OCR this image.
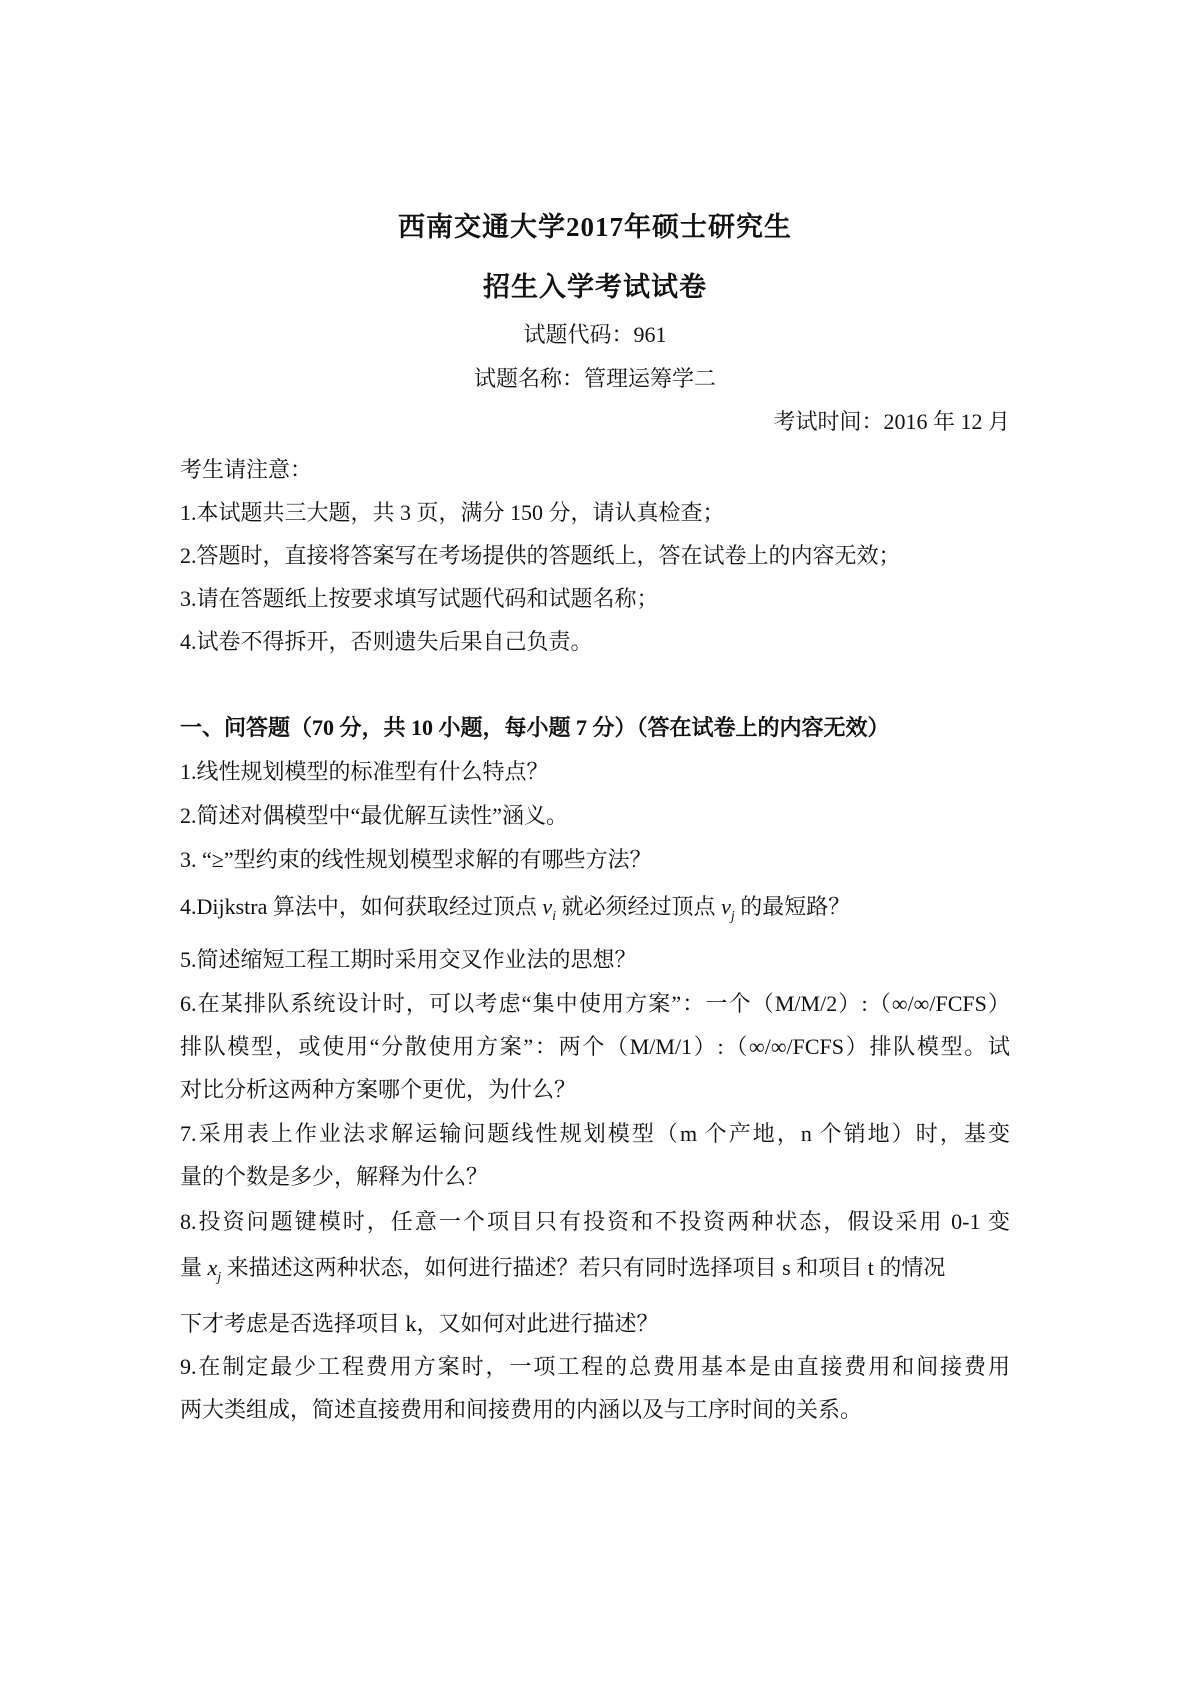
西南交通大学2017年硕士研究生
招生入学考试试卷
试题代码：961
试题名称：管理运筹学二
考试时间：2016 年 12 月
考生请注意：
1.本试题共三大题，共 3 页，满分 150 分，请认真检查；
2.答题时，直接将答案写在考场提供的答题纸上，答在试卷上的内容无效；
3.请在答题纸上按要求填写试题代码和试题名称；
4.试卷不得拆开，否则遗失后果自己负责。
一、问答题（70 分，共 10 小题，每小题 7 分）（答在试卷上的内容无效）
1.线性规划模型的标准型有什么特点？
2.简述对偶模型中“最优解互读性”涵义。
3. “≥”型约束的线性规划模型求解的有哪些方法？
4.Dijkstra 算法中，如何获取经过顶点 $v_i$ 就必须经过顶点 $v_j$ 的最短路？
5.简述缩短工程工期时采用交叉作业法的思想？
6.在某排队系统设计时，可以考虑“集中使用方案”：一个（M/M/2）:（∞/∞/FCFS）
排队模型，或使用“分散使用方案”：两个（M/M/1）:（∞/∞/FCFS）排队模型。试
对比分析这两种方案哪个更优，为什么？
7.采用表上作业法求解运输问题线性规划模型（m 个产地，n 个销地）时，基变
量的个数是多少，解释为什么？
8.投资问题键模时，任意一个项目只有投资和不投资两种状态，假设采用 0-1 变
量 $x_j$ 来描述这两种状态，如何进行描述？若只有同时选择项目 s 和项目 t 的情况
下才考虑是否选择项目 k，又如何对此进行描述？
9.在制定最少工程费用方案时，一项工程的总费用基本是由直接费用和间接费用
两大类组成，简述直接费用和间接费用的内涵以及与工序时间的关系。
